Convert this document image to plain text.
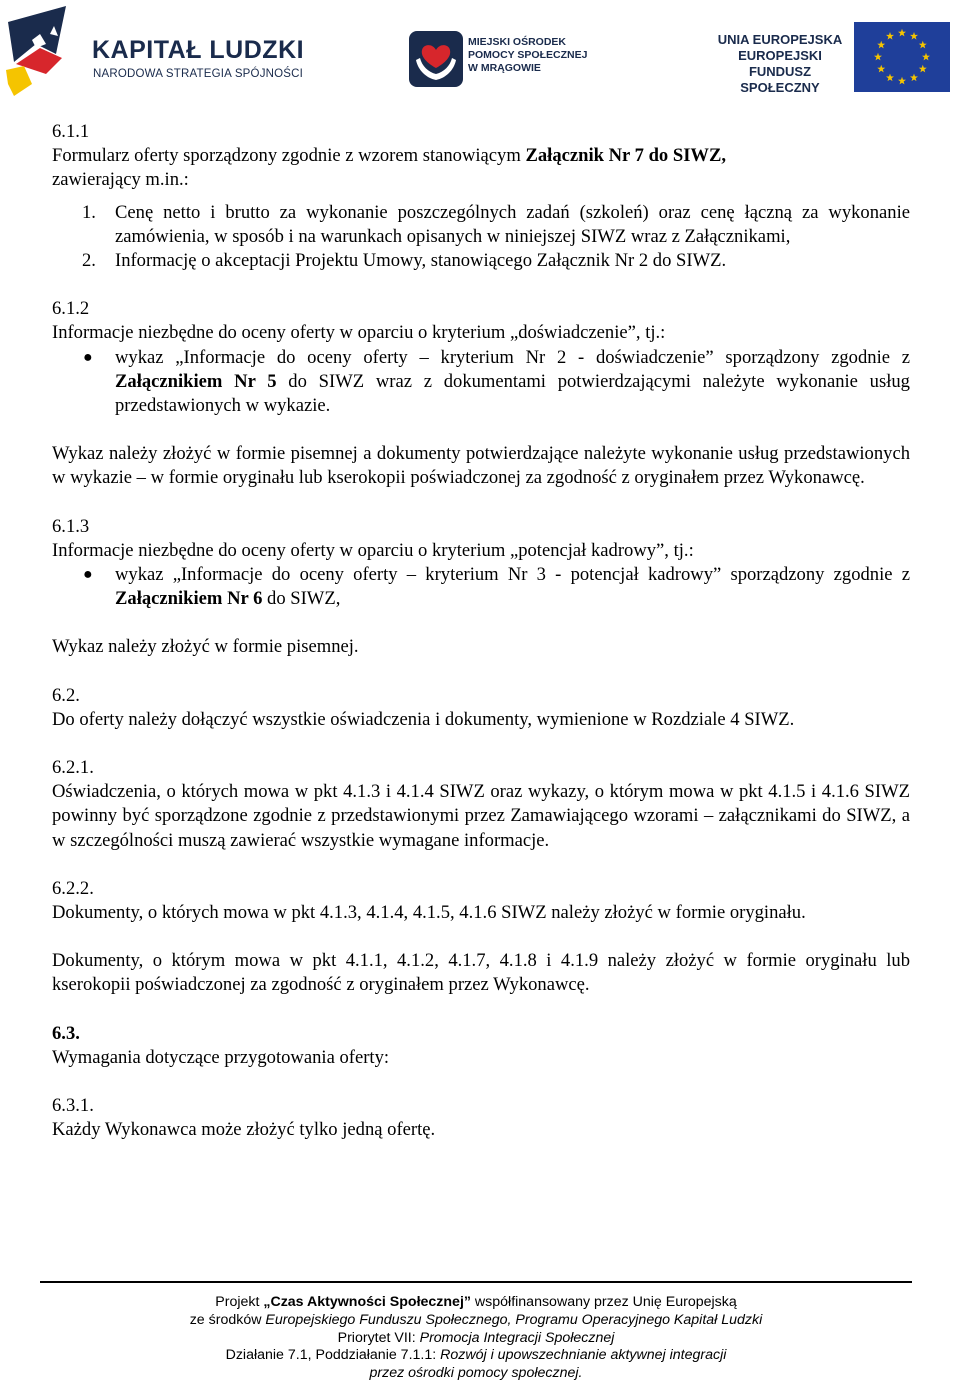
KAPITAŁ LUDZKI
NARODOWA STRATEGIA SPÓJNOŚCI
MIEJSKI OŚRODEK
POMOCY SPOŁECZNEJ
W MRĄGOWIE
UNIA EUROPEJSKA
EUROPEJSKI
FUNDUSZ SPOŁECZNY

6.1.1

Formularz oferty sporządzony zgodnie z wzorem stanowiącym Załącznik Nr 7 do SIWZ,
zawierający m.in.:

1. Cenę netto i brutto za wykonanie poszczególnych zadań (szkoleń) oraz cenę łączną za wykonanie zamówienia, w sposób i na warunkach opisanych w niniejszej SIWZ wraz z Załącznikami,
2. Informację o akceptacji Projektu Umowy, stanowiącego Załącznik Nr 2 do SIWZ.

6.1.2

Informacje niezbędne do oceny oferty w oparciu o kryterium „doświadczenie”, tj.:

● wykaz „Informacje do oceny oferty – kryterium Nr 2 - doświadczenie” sporządzony zgodnie z Załącznikiem Nr 5 do SIWZ wraz z dokumentami potwierdzającymi należyte wykonanie usług przedstawionych w wykazie.

Wykaz należy złożyć w formie pisemnej a dokumenty potwierdzające należyte wykonanie usług przedstawionych w wykazie – w formie oryginału lub kserokopii poświadczonej za zgodność z oryginałem przez Wykonawcę.

6.1.3

Informacje niezbędne do oceny oferty w oparciu o kryterium „potencjał kadrowy”, tj.:

● wykaz „Informacje do oceny oferty – kryterium Nr 3 - potencjał kadrowy” sporządzony zgodnie z Załącznikiem Nr 6 do SIWZ,

Wykaz należy złożyć w formie pisemnej.

6.2.

Do oferty należy dołączyć wszystkie oświadczenia i dokumenty, wymienione w Rozdziale 4 SIWZ.

6.2.1.

Oświadczenia, o których mowa w pkt 4.1.3 i 4.1.4 SIWZ oraz wykazy, o którym mowa w pkt 4.1.5 i 4.1.6 SIWZ powinny być sporządzone zgodnie z przedstawionymi przez Zamawiającego wzorami – załącznikami do SIWZ, a w szczególności muszą zawierać wszystkie wymagane informacje.

6.2.2.

Dokumenty, o których mowa w pkt 4.1.3, 4.1.4, 4.1.5, 4.1.6 SIWZ należy złożyć w formie oryginału.

Dokumenty, o którym mowa w pkt 4.1.1, 4.1.2, 4.1.7, 4.1.8 i 4.1.9 należy złożyć w formie oryginału lub kserokopii poświadczonej za zgodność z oryginałem przez Wykonawcę.

6.3.

Wymagania dotyczące przygotowania oferty:

6.3.1.

Każdy Wykonawca może złożyć tylko jedną ofertę.

Projekt „Czas Aktywności Społecznej” współfinansowany przez Unię Europejską
ze środków Europejskiego Funduszu Społecznego, Programu Operacyjnego Kapitał Ludzki
Priorytet VII: Promocja Integracji Społecznej
Działanie 7.1, Poddziałanie 7.1.1: Rozwój i upowszechnianie aktywnej integracji
przez ośrodki pomocy społecznej.
